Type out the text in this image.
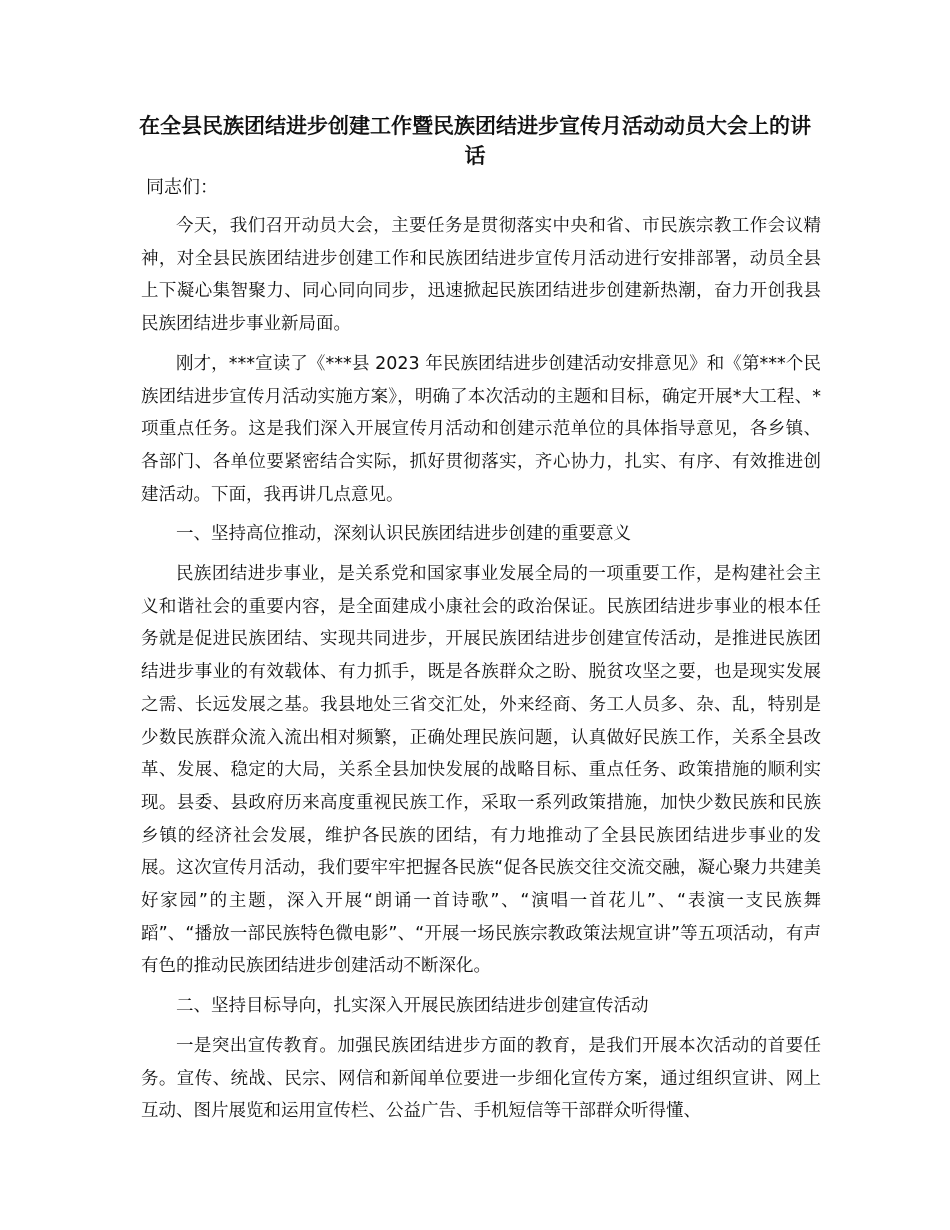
在全县民族团结进步创建工作暨民族团结进步宣传月活动动员大会上的讲话

同志们：

今天，我们召开动员大会，主要任务是贯彻落实中央和省、市民族宗教工作会议精神，对全县民族团结进步创建工作和民族团结进步宣传月活动进行安排部署，动员全县上下凝心集智聚力、同心同向同步，迅速掀起民族团结进步创建新热潮，奋力开创我县民族团结进步事业新局面。

刚才，***宣读了《***县 2023 年民族团结进步创建活动安排意见》和《第***个民族团结进步宣传月活动实施方案》，明确了本次活动的主题和目标，确定开展*大工程、*项重点任务。这是我们深入开展宣传月活动和创建示范单位的具体指导意见，各乡镇、各部门、各单位要紧密结合实际，抓好贯彻落实，齐心协力，扎实、有序、有效推进创建活动。下面，我再讲几点意见。

一、坚持高位推动，深刻认识民族团结进步创建的重要意义

民族团结进步事业，是关系党和国家事业发展全局的一项重要工作，是构建社会主义和谐社会的重要内容，是全面建成小康社会的政治保证。民族团结进步事业的根本任务就是促进民族团结、实现共同进步，开展民族团结进步创建宣传活动，是推进民族团结进步事业的有效载体、有力抓手，既是各族群众之盼、脱贫攻坚之要，也是现实发展之需、长远发展之基。我县地处三省交汇处，外来经商、务工人员多、杂、乱，特别是少数民族群众流入流出相对频繁，正确处理民族问题，认真做好民族工作，关系全县改革、发展、稳定的大局，关系全县加快发展的战略目标、重点任务、政策措施的顺利实现。县委、县政府历来高度重视民族工作，采取一系列政策措施，加快少数民族和民族乡镇的经济社会发展，维护各民族的团结，有力地推动了全县民族团结进步事业的发展。这次宣传月活动，我们要牢牢把握各民族“促各民族交往交流交融，凝心聚力共建美好家园”的主题，深入开展“朗诵一首诗歌”、“演唱一首花儿”、“表演一支民族舞蹈”、“播放一部民族特色微电影”、“开展一场民族宗教政策法规宣讲”等五项活动，有声有色的推动民族团结进步创建活动不断深化。

二、坚持目标导向，扎实深入开展民族团结进步创建宣传活动

一是突出宣传教育。加强民族团结进步方面的教育，是我们开展本次活动的首要任务。宣传、统战、民宗、网信和新闻单位要进一步细化宣传方案，通过组织宣讲、网上互动、图片展览和运用宣传栏、公益广告、手机短信等干部群众听得懂、
